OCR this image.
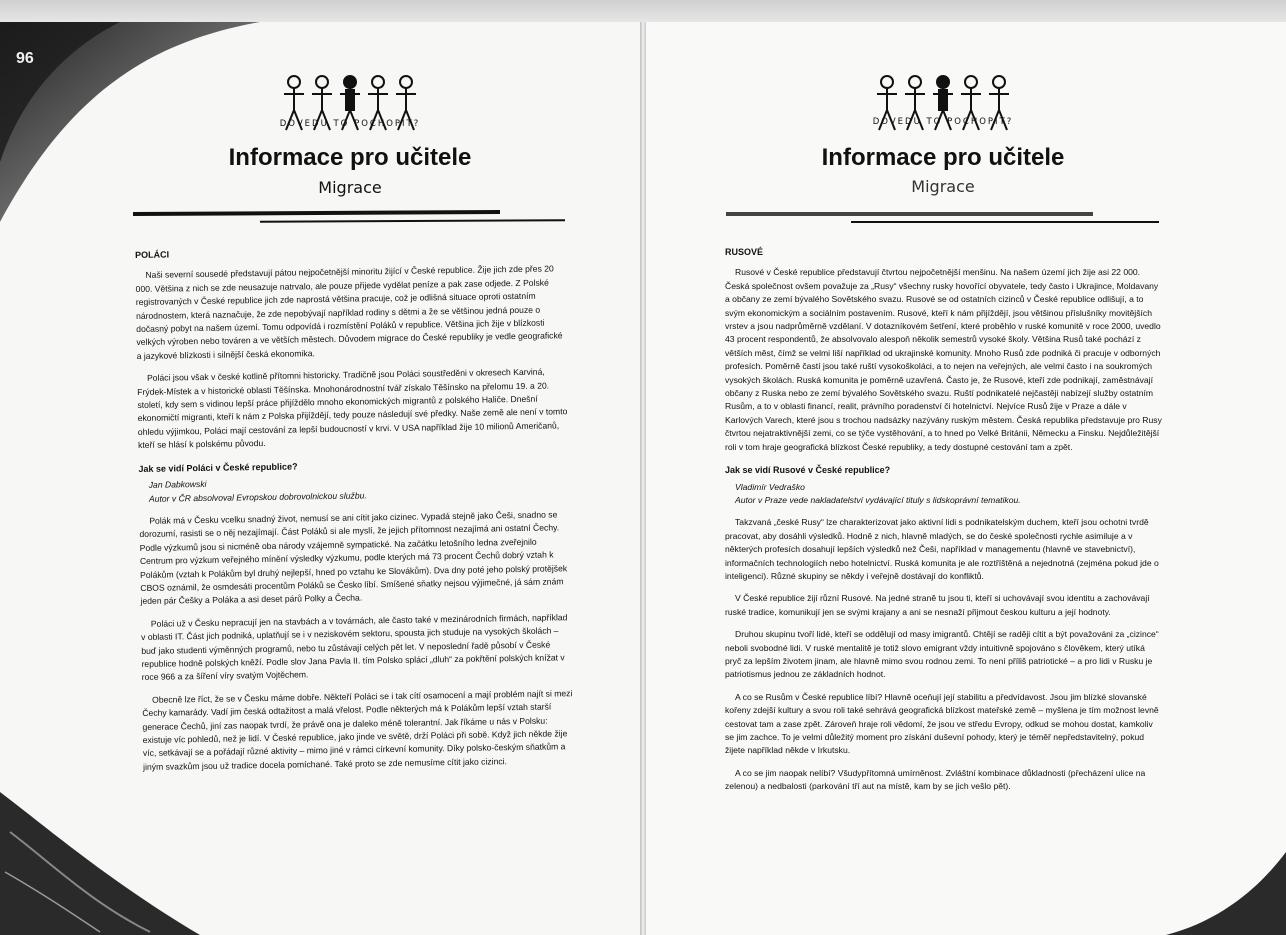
96
DOVEDU TO POCHOPIT?
Informace pro učitele
Migrace
POLÁCI

Naši severní sousedé představují pátou nejpočetnější minoritu žijící v České republice. Žije jich zde přes 20 000. Většina z nich se zde neusazuje natrvalo, ale pouze přijede vydělat peníze a pak zase odjede. Z Polské registrovaných v České republice jich zde naprostá většina pracuje, což je odlišná situace oproti ostatním národnostem, která naznačuje, že zde nepobývají například rodiny s dětmi a že se většinou jedná pouze o dočasný pobyt na našem území. Tomu odpovídá i rozmístění Poláků v republice. Většina jich žije v blízkosti velkých výroben nebo továren a ve větších městech. Důvodem migrace do České republiky je vedle geografické a jazykové blízkosti i silnější česká ekonomika.

Poláci jsou však v české kotlině přítomni historicky. Tradičně jsou Poláci soustředěni v okresech Karviná, Frýdek-Místek a v historické oblasti Těšínska. Mnohonárodnostní tvář získalo Těšínsko na přelomu 19. a 20. století, kdy sem s vidinou lepší práce přijíždělo mnoho ekonomických migrantů z polského Haliče. Dnešní ekonomičtí migranti, kteří k nám z Polska přijíždějí, tedy pouze následují své předky. Naše země ale není v tomto ohledu výjimkou, Poláci mají cestování za lepší budoucností v krvi. V USA například žije 10 milionů Američanů, kteří se hlásí k polskému původu.

Jak se vidí Poláci v České republice?

Jan Dabkowski

Autor v ČR absolvoval Evropskou dobrovolnickou službu.

Polák má v Česku vcelku snadný život, nemusí se ani cítit jako cizinec. Vypadá stejně jako Češi, snadno se dorozumí, rasisti se o něj nezajímají. Část Poláků si ale myslí, že jejich přítomnost nezajímá ani ostatní Čechy. Podle výzkumů jsou si nicméně oba národy vzájemně sympatické. Na začátku letošního ledna zveřejnilo Centrum pro výzkum veřejného mínění výsledky výzkumu, podle kterých má 73 procent Čechů dobrý vztah k Polákům (vztah k Polákům byl druhý nejlepší, hned po vztahu ke Slovákům). Dva dny poté jeho polský protějšek CBOS oznámil, že osmdesáti procentům Poláků se Česko líbí. Smíšené sňatky nejsou výjimečné, já sám znám jeden pár Češky a Poláka a asi deset párů Polky a Čecha.

Poláci už v Česku nepracují jen na stavbách a v továrnách, ale často také v mezinárodních firmách, například v oblasti IT. Část jich podniká, uplatňují se i v neziskovém sektoru, spousta jich studuje na vysokých školách – buď jako studenti výměnných programů, nebo tu zůstávají celých pět let. V neposlední řadě působí v České republice hodně polských kněží. Podle slov Jana Pavla II. tím Polsko splácí „dluh“ za pokřtění polských knížat v roce 966 a za šíření víry svatým Vojtěchem.

Obecně lze říct, že se v Česku máme dobře. Někteří Poláci se i tak cítí osamocení a mají problém najít si mezi Čechy kamarády. Vadí jim česká odtažitost a malá vřelost. Podle některých má k Polákům lepší vztah starší generace Čechů, jiní zas naopak tvrdí, že právě ona je daleko méně tolerantní. Jak říkáme u nás v Polsku: existuje víc pohledů, než je lidí. V České republice, jako jinde ve světě, drží Poláci při sobě. Když jich někde žije víc, setkávají se a pořádají různé aktivity – mimo jiné v rámci církevní komunity. Díky polsko-českým sňatkům a jiným svazkům jsou už tradice docela pomíchané. Také proto se zde nemusíme cítit jako cizinci.

DOVEDU TO POCHOPIT?
Informace pro učitele
Migrace
RUSOVÉ

Rusové v České republice představují čtvrtou nejpočetnější menšinu. Na našem území jich žije asi 22 000. Česká společnost ovšem považuje za „Rusy“ všechny rusky hovořící obyvatele, tedy často i Ukrajince, Moldavany a občany ze zemí bývalého Sovětského svazu. Rusové se od ostatních cizinců v České republice odlišují, a to svým ekonomickým a sociálním postavením. Rusové, kteří k nám přijíždějí, jsou většinou příslušníky movitějších vrstev a jsou nadprůměrně vzdělaní. V dotazníkovém šetření, které proběhlo v ruské komunitě v roce 2000, uvedlo 43 procent respondentů, že absolvovalo alespoň několik semestrů vysoké školy. Většina Rusů také pochází z větších měst, čímž se velmi liší například od ukrajinské komunity. Mnoho Rusů zde podniká či pracuje v odborných profesích. Poměrně častí jsou také ruští vysokoškoláci, a to nejen na veřejných, ale velmi často i na soukromých vysokých školách. Ruská komunita je poměrně uzavřená. Často je, že Rusové, kteří zde podnikají, zaměstnávají občany z Ruska nebo ze zemí bývalého Sovětského svazu. Ruští podnikatelé nejčastěji nabízejí služby ostatním Rusům, a to v oblasti financí, realit, právního poradenství či hotelnictví. Nejvíce Rusů žije v Praze a dále v Karlových Varech, které jsou s trochou nadsázky nazývány ruským městem. Česká republika představuje pro Rusy čtvrtou nejatraktivnější zemi, co se týče vystěhování, a to hned po Velké Británii, Německu a Finsku. Nejdůležitější roli v tom hraje geografická blízkost České republiky, a tedy dostupné cestování tam a zpět.

Jak se vidí Rusové v České republice?

Vladimír Vedraško

Autor v Praze vede nakladatelství vydávající tituly s lidskoprávní tematikou.

Takzvaná „české Rusy“ lze charakterizovat jako aktivní lidi s podnikatelským duchem, kteří jsou ochotni tvrdě pracovat, aby dosáhli výsledků. Hodně z nich, hlavně mladých, se do české společnosti rychle asimiluje a v některých profesích dosahují lepších výsledků než Češi, například v managementu (hlavně ve stavebnictví), informačních technologiích nebo hotelnictví. Ruská komunita je ale roztříštěná a nejednotná (zejména pokud jde o inteligenci). Různé skupiny se někdy i veřejně dostávají do konfliktů.

V České republice žijí různí Rusové. Na jedné straně tu jsou ti, kteří si uchovávají svou identitu a zachovávají ruské tradice, komunikují jen se svými krajany a ani se nesnaží přijmout českou kulturu a její hodnoty.

Druhou skupinu tvoří lidé, kteří se oddělují od masy imigrantů. Chtějí se raději cítit a být považováni za „cizince“ neboli svobodné lidi. V ruské mentalitě je totiž slovo emigrant vždy intuitivně spojováno s člověkem, který utíká pryč za lepším životem jinam, ale hlavně mimo svou rodnou zemi. To není příliš patriotické – a pro lidi v Rusku je patriotismus jednou ze základních hodnot.

A co se Rusům v České republice líbí? Hlavně oceňují její stabilitu a předvídavost. Jsou jim blízké slovanské kořeny zdejší kultury a svou roli také sehrává geografická blízkost mateřské země – myšlena je tím možnost levně cestovat tam a zase zpět. Zároveň hraje roli vědomí, že jsou ve středu Evropy, odkud se mohou dostat, kamkoliv se jim zachce. To je velmi důležitý moment pro získání duševní pohody, který je téměř nepředstavitelný, pokud žijete například někde v Irkutsku.

A co se jim naopak nelíbí? Všudypřítomná umírněnost. Zvláštní kombinace důkladnosti (přecházení ulice na zelenou) a nedbalosti (parkování tří aut na místě, kam by se jich vešlo pět).
